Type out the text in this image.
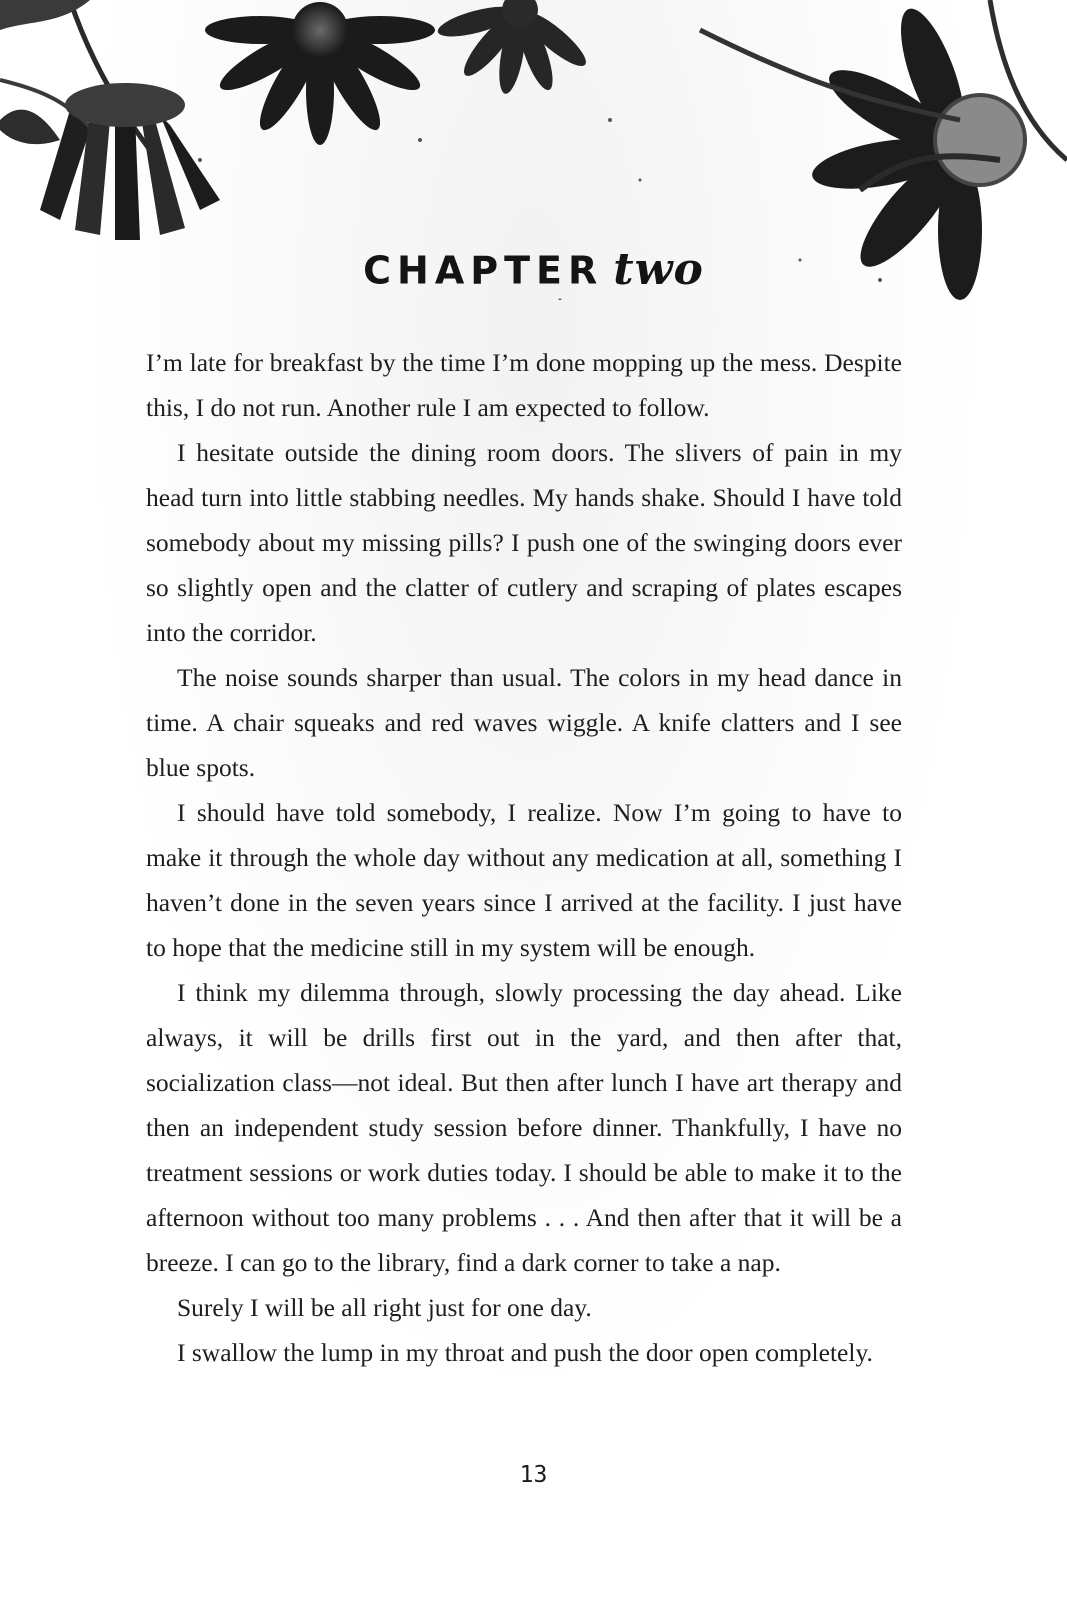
CHAPTER two

I’m late for breakfast by the time I’m done mopping up the mess. Despite this, I do not run. Another rule I am expected to follow.

I hesitate outside the dining room doors. The slivers of pain in my head turn into little stabbing needles. My hands shake. Should I have told somebody about my missing pills? I push one of the swinging doors ever so slightly open and the clatter of cutlery and scraping of plates escapes into the corridor.

The noise sounds sharper than usual. The colors in my head dance in time. A chair squeaks and red waves wiggle. A knife clatters and I see blue spots.

I should have told somebody, I realize. Now I’m going to have to make it through the whole day without any medication at all, something I haven’t done in the seven years since I arrived at the facility. I just have to hope that the medicine still in my system will be enough.

I think my dilemma through, slowly processing the day ahead. Like always, it will be drills first out in the yard, and then after that, socialization class—not ideal. But then after lunch I have art therapy and then an independent study session before dinner. Thankfully, I have no treatment sessions or work duties today. I should be able to make it to the afternoon without too many problems . . . And then after that it will be a breeze. I can go to the library, find a dark corner to take a nap.

Surely I will be all right just for one day.

I swallow the lump in my throat and push the door open completely.

13
